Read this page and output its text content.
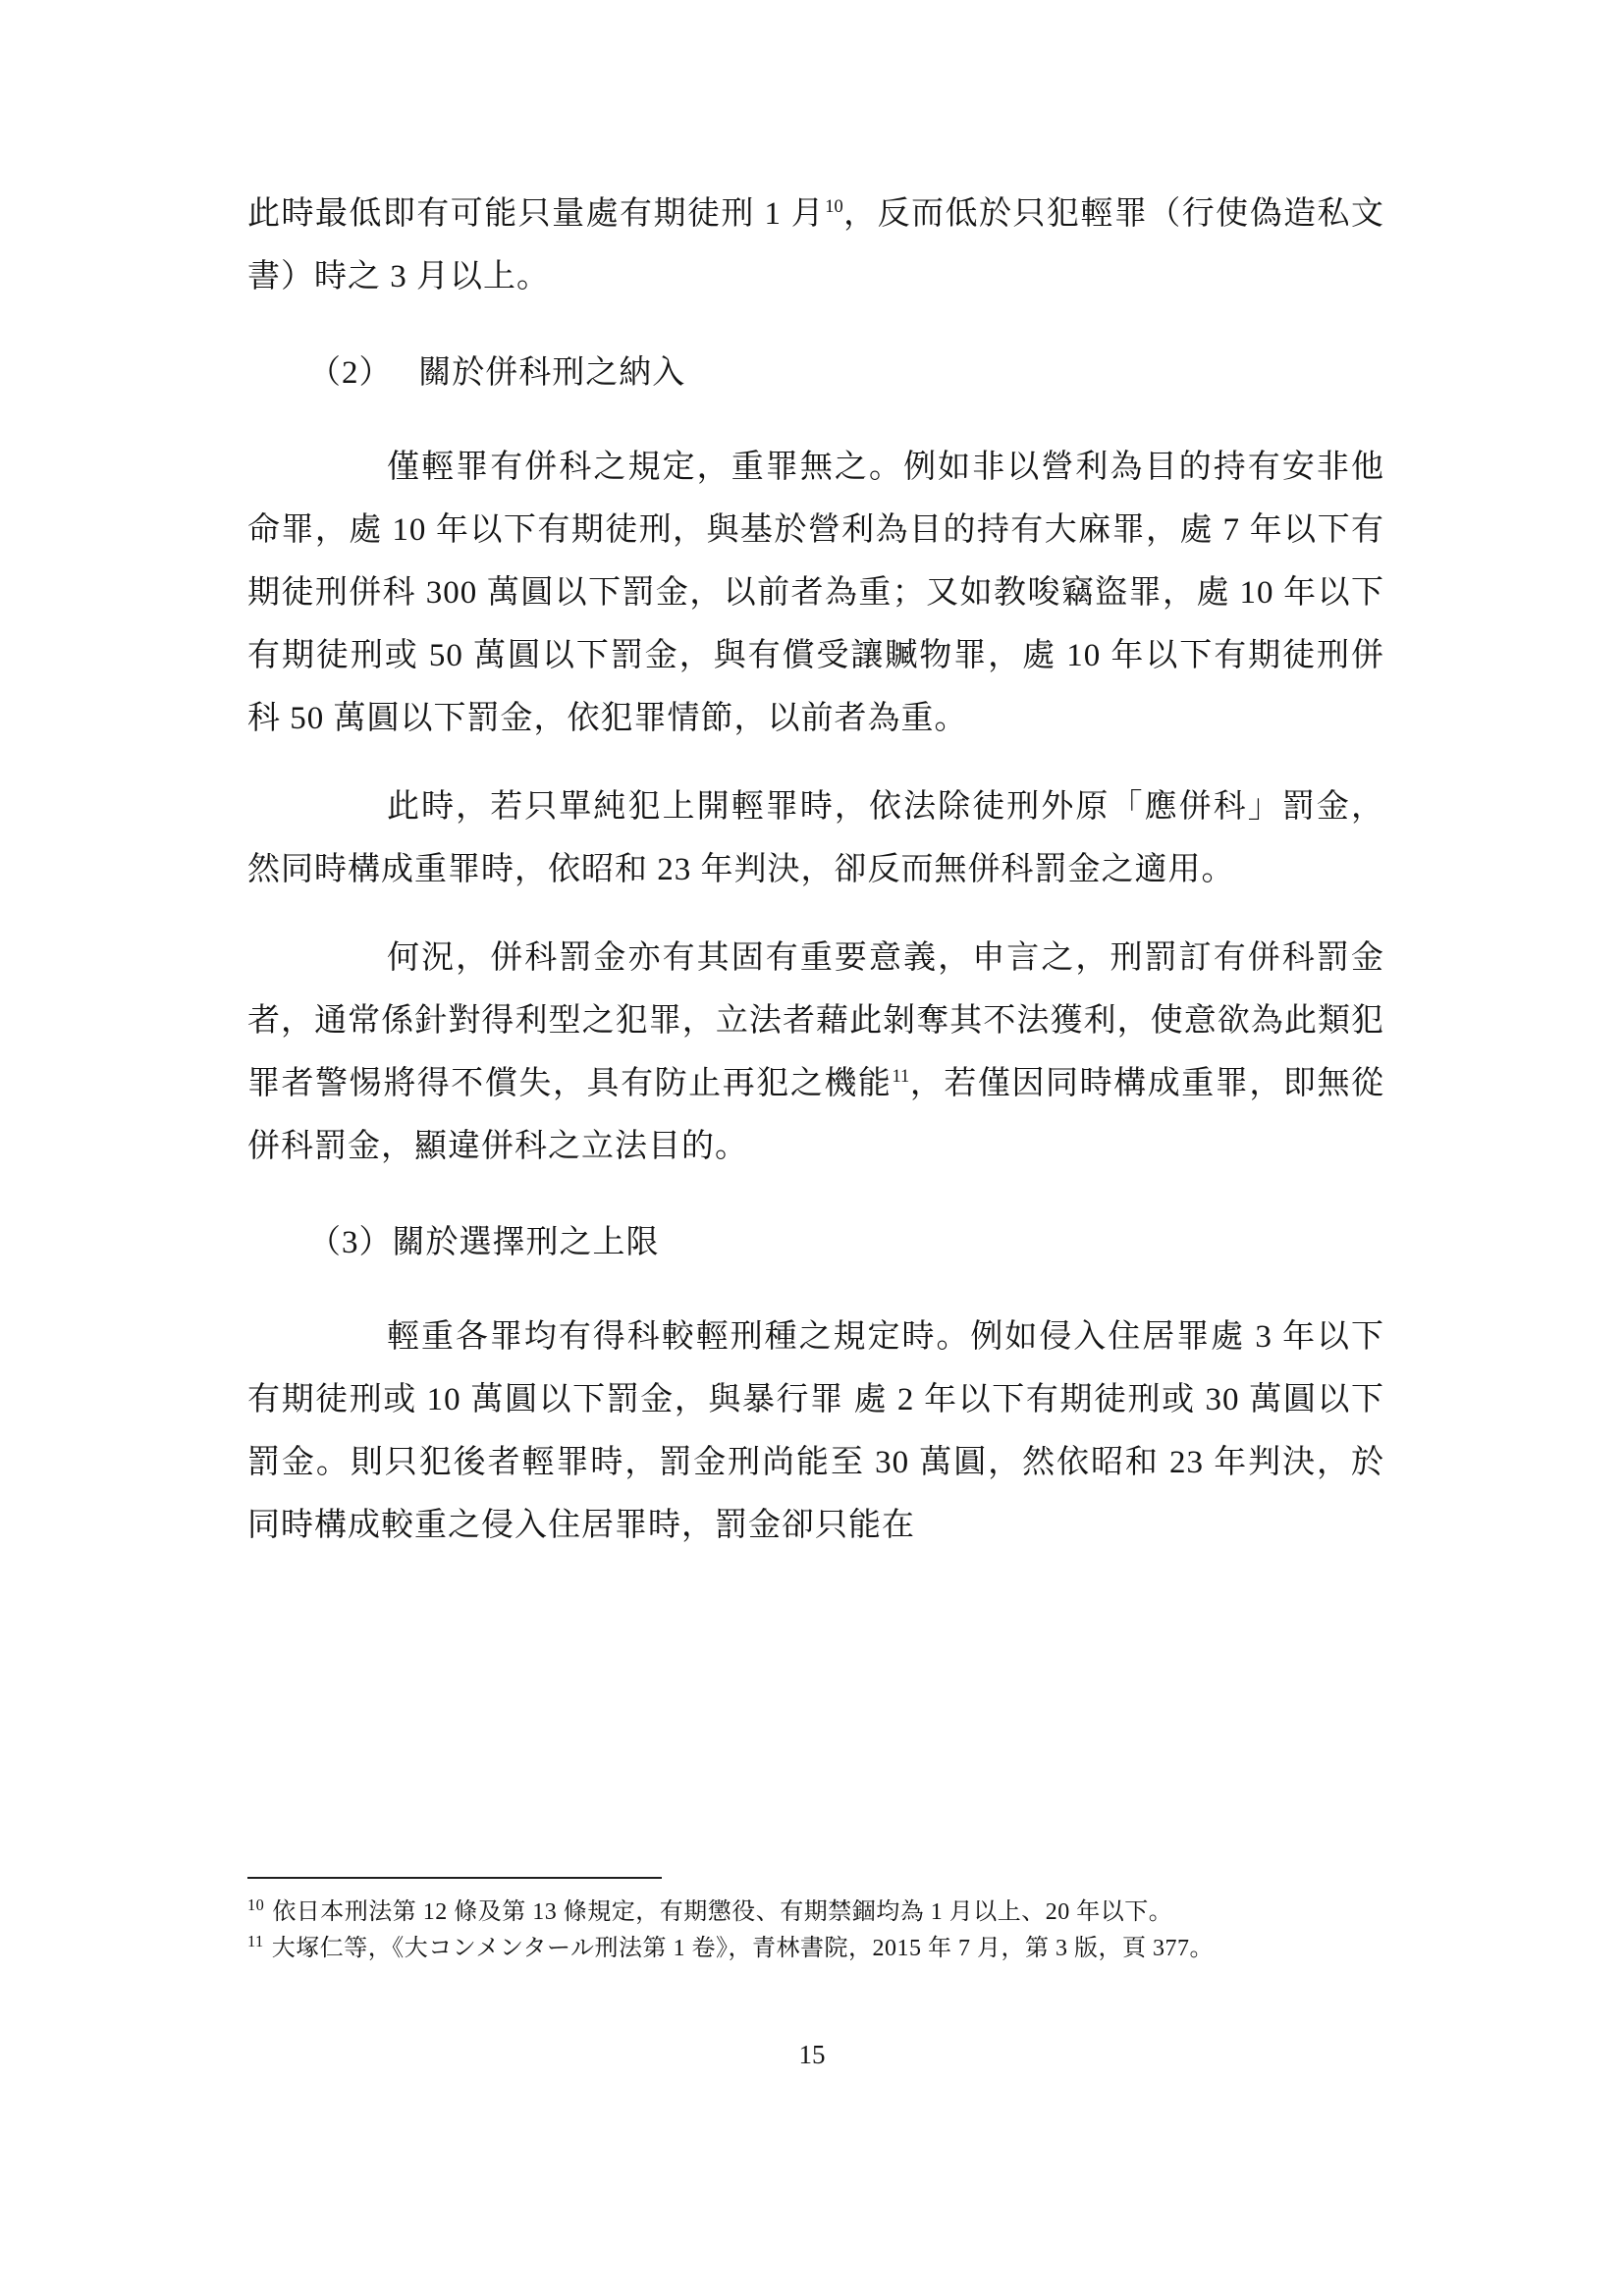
此時最低即有可能只量處有期徒刑 1 月$^{10}$，反而低於只犯輕罪（行使偽造私文書）時之 3 月以上。

（2）　 關於併科刑之納入

僅輕罪有併科之規定，重罪無之。例如非以營利為目的持有安非他命罪，處 10 年以下有期徒刑，與基於營利為目的持有大麻罪，處 7 年以下有期徒刑併科 300 萬圓以下罰金，以前者為重；又如教唆竊盜罪，處 10 年以下有期徒刑或 50 萬圓以下罰金，與有償受讓贓物罪，處 10 年以下有期徒刑併科 50 萬圓以下罰金，依犯罪情節，以前者為重。

此時，若只單純犯上開輕罪時，依法除徒刑外原「應併科」罰金，然同時構成重罪時，依昭和 23 年判決，卻反而無併科罰金之適用。

何況，併科罰金亦有其固有重要意義，申言之，刑罰訂有併科罰金者，通常係針對得利型之犯罪，立法者藉此剝奪其不法獲利，使意欲為此類犯罪者警惕將得不償失，具有防止再犯之機能$^{11}$，若僅因同時構成重罪，即無從併科罰金，顯違併科之立法目的。

（3）關於選擇刑之上限

輕重各罪均有得科較輕刑種之規定時。例如侵入住居罪處 3 年以下有期徒刑或 10 萬圓以下罰金，與暴行罪 處 2 年以下有期徒刑或 30 萬圓以下罰金。則只犯後者輕罪時，罰金刑尚能至 30 萬圓，然依昭和 23 年判決，於同時構成較重之侵入住居罪時，罰金卻只能在

$^{10}$ 依日本刑法第 12 條及第 13 條規定，有期懲役、有期禁錮均為 1 月以上、20 年以下。
$^{11}$ 大塚仁等，《大コンメンタール刑法第 1 卷》，青林書院，2015 年 7 月，第 3 版，頁 377。
15
